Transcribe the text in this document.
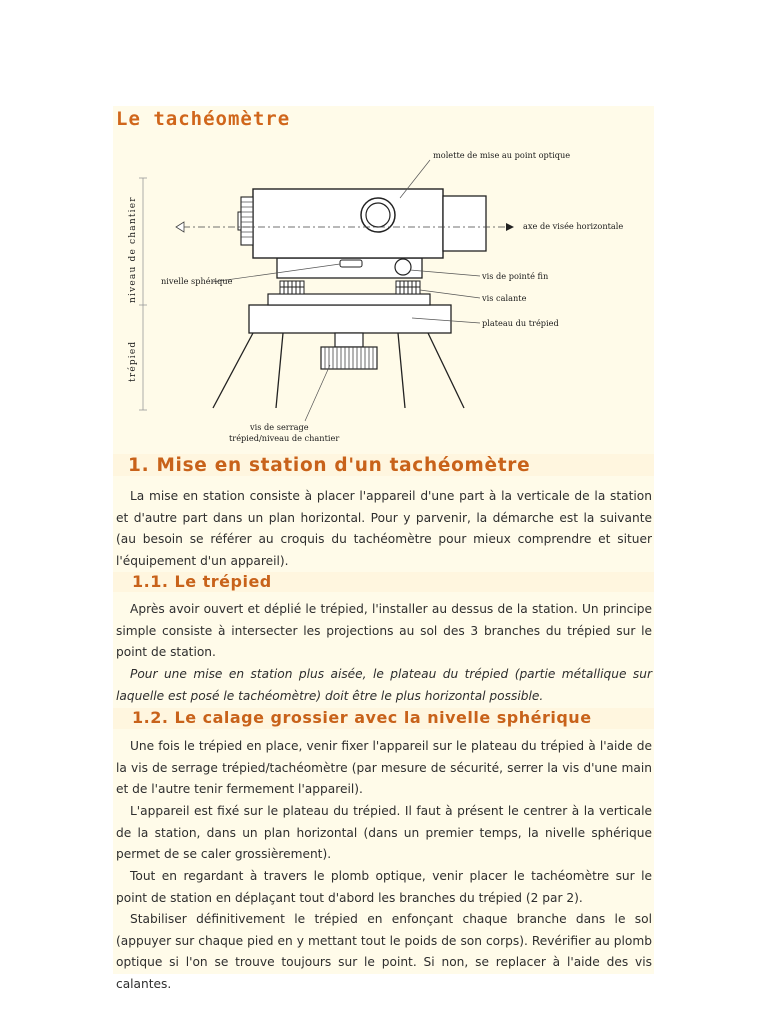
Le tachéomètre
niveau de chantier
trépied
molette de mise au point optique
axe de visée horizontale
nivelle sphérique	vis de pointé fin
vis calante
plateau du trépied
vis de serrage
trépied/niveau de chantier
1. Mise en station d'un tachéomètre

La mise en station consiste à placer l'appareil d'une part à la verticale de la station et d'autre part dans un plan horizontal. Pour y parvenir, la démarche est la suivante (au besoin se référer au croquis du tachéomètre pour mieux comprendre et situer l'équipement d'un appareil).

1.1. Le trépied

Après avoir ouvert et déplié le trépied, l'installer au dessus de la station. Un principe simple consiste à intersecter les projections au sol des 3 branches du trépied sur le point de station.

Pour une mise en station plus aisée, le plateau du trépied (partie métallique sur laquelle est posé le tachéomètre) doit être le plus horizontal possible.

1.2. Le calage grossier avec la nivelle sphérique

Une fois le trépied en place, venir fixer l'appareil sur le plateau du trépied à l'aide de la vis de serrage trépied/tachéomètre (par mesure de sécurité, serrer la vis d'une main et de l'autre tenir fermement l'appareil).

L'appareil est fixé sur le plateau du trépied. Il faut à présent le centrer à la verticale de la station, dans un plan horizontal (dans un premier temps, la nivelle sphérique permet de se caler grossièrement).

Tout en regardant à travers le plomb optique, venir placer le tachéomètre sur le point de station en déplaçant tout d'abord les branches du trépied (2 par 2).

Stabiliser définitivement le trépied en enfonçant chaque branche dans le sol (appuyer sur chaque pied en y mettant tout le poids de son corps). Revérifier au plomb optique si l'on se trouve toujours sur le point. Si non, se replacer à l'aide des vis calantes.
